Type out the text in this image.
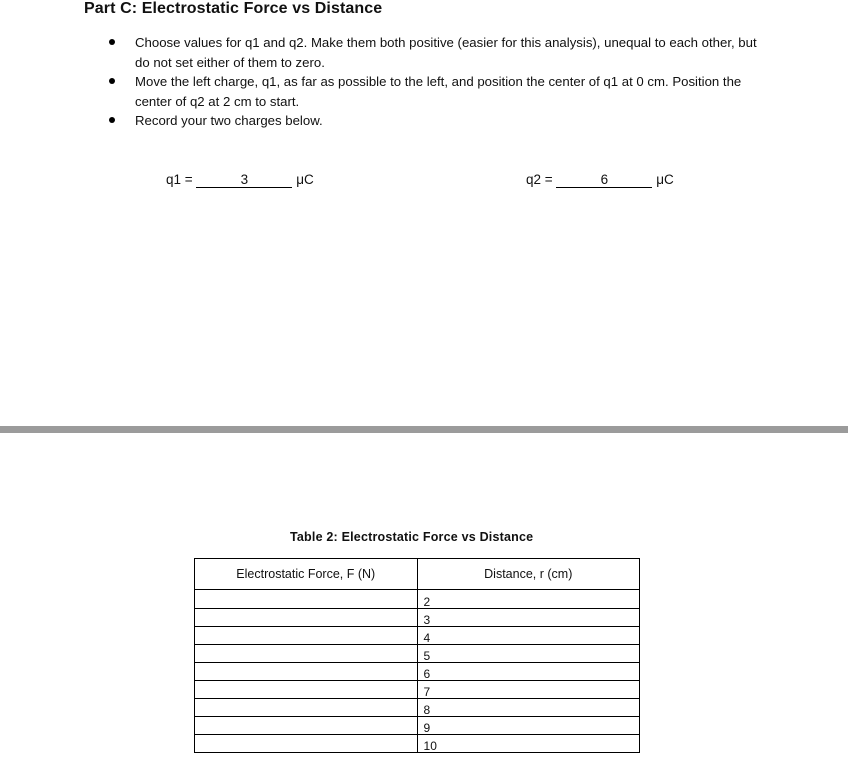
Part C: Electrostatic Force vs Distance
Choose values for q1 and q2. Make them both positive (easier for this analysis), unequal to each other, but do not set either of them to zero.
Move the left charge, q1, as far as possible to the left, and position the center of q1 at 0 cm. Position the center of q2 at 2 cm to start.
Record your two charges below.
q1 =	3	μC	q2 =	6	μC
Table 2: Electrostatic Force vs Distance
Electrostatic Force, F (N)	Distance, r (cm)
	2
	3
	4
	5
	6
	7
	8
	9
	10
